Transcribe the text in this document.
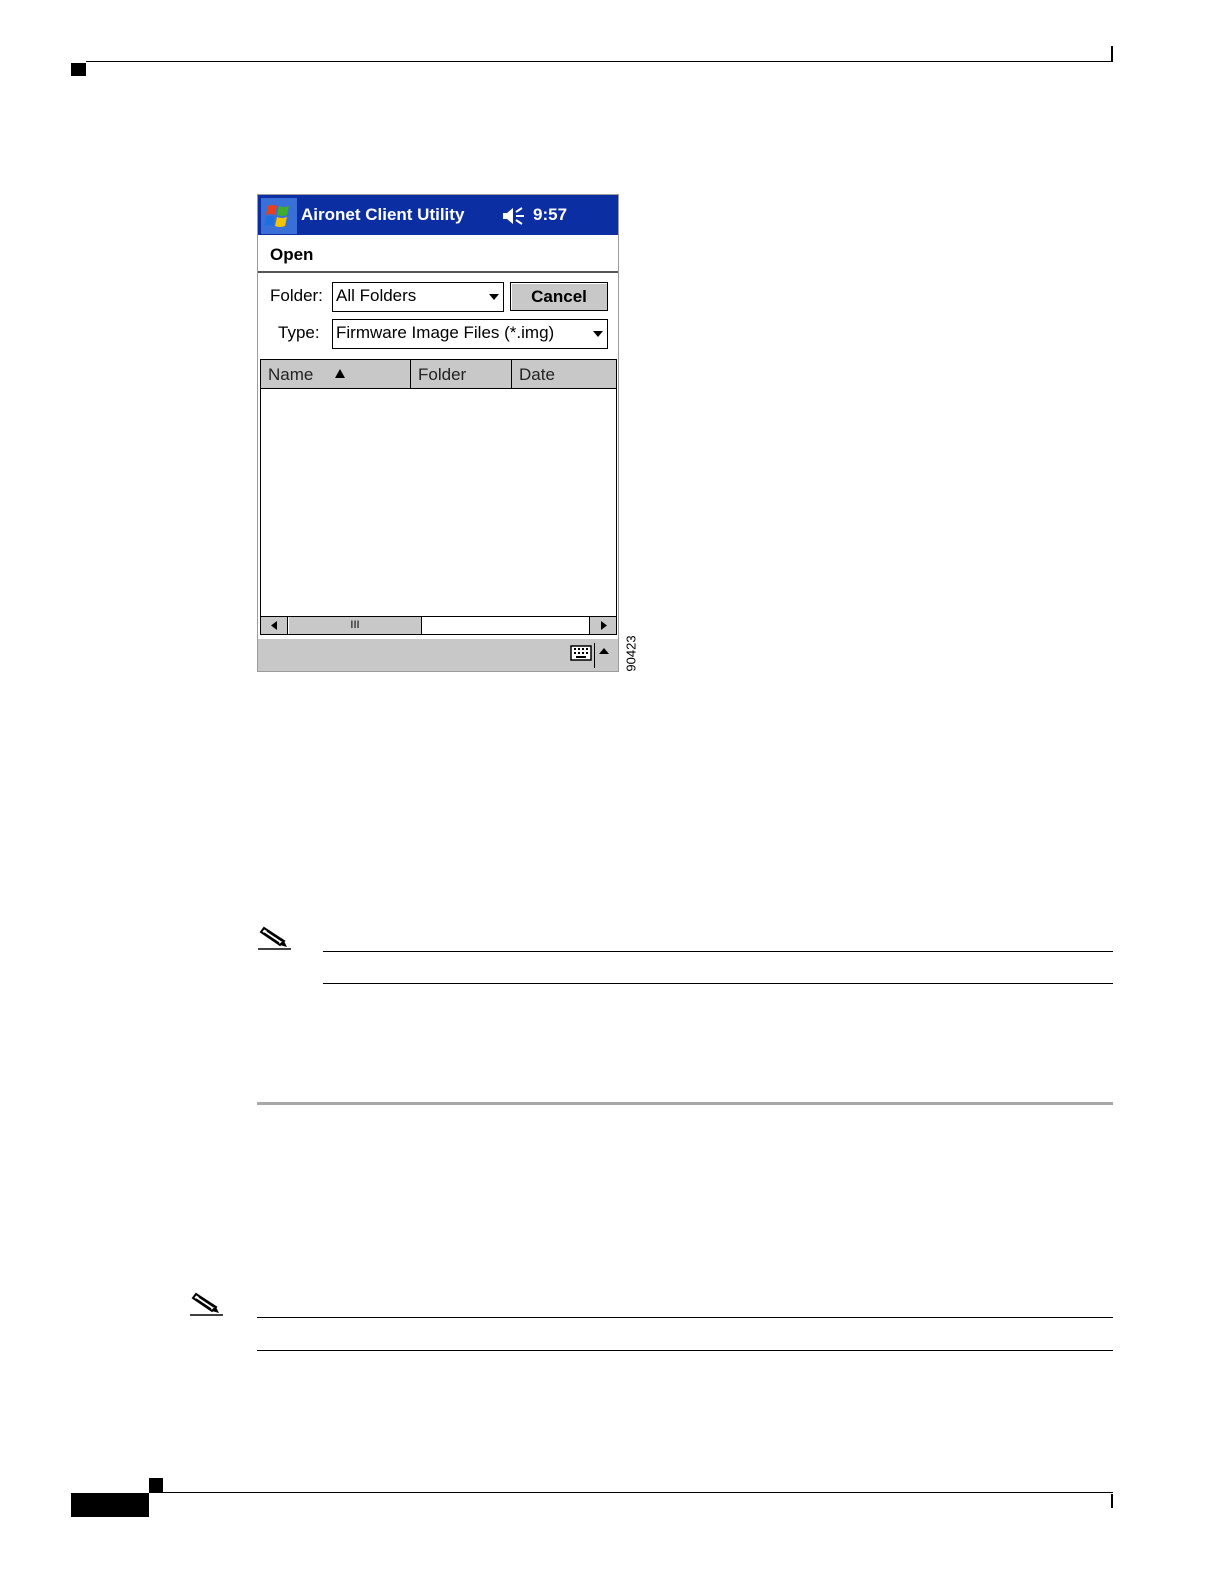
Aironet Client Utility	9:57
Open
Folder: All Folders	Cancel
Type: Firmware Image Files (*.img)
Name	Folder	Date
III
90423
